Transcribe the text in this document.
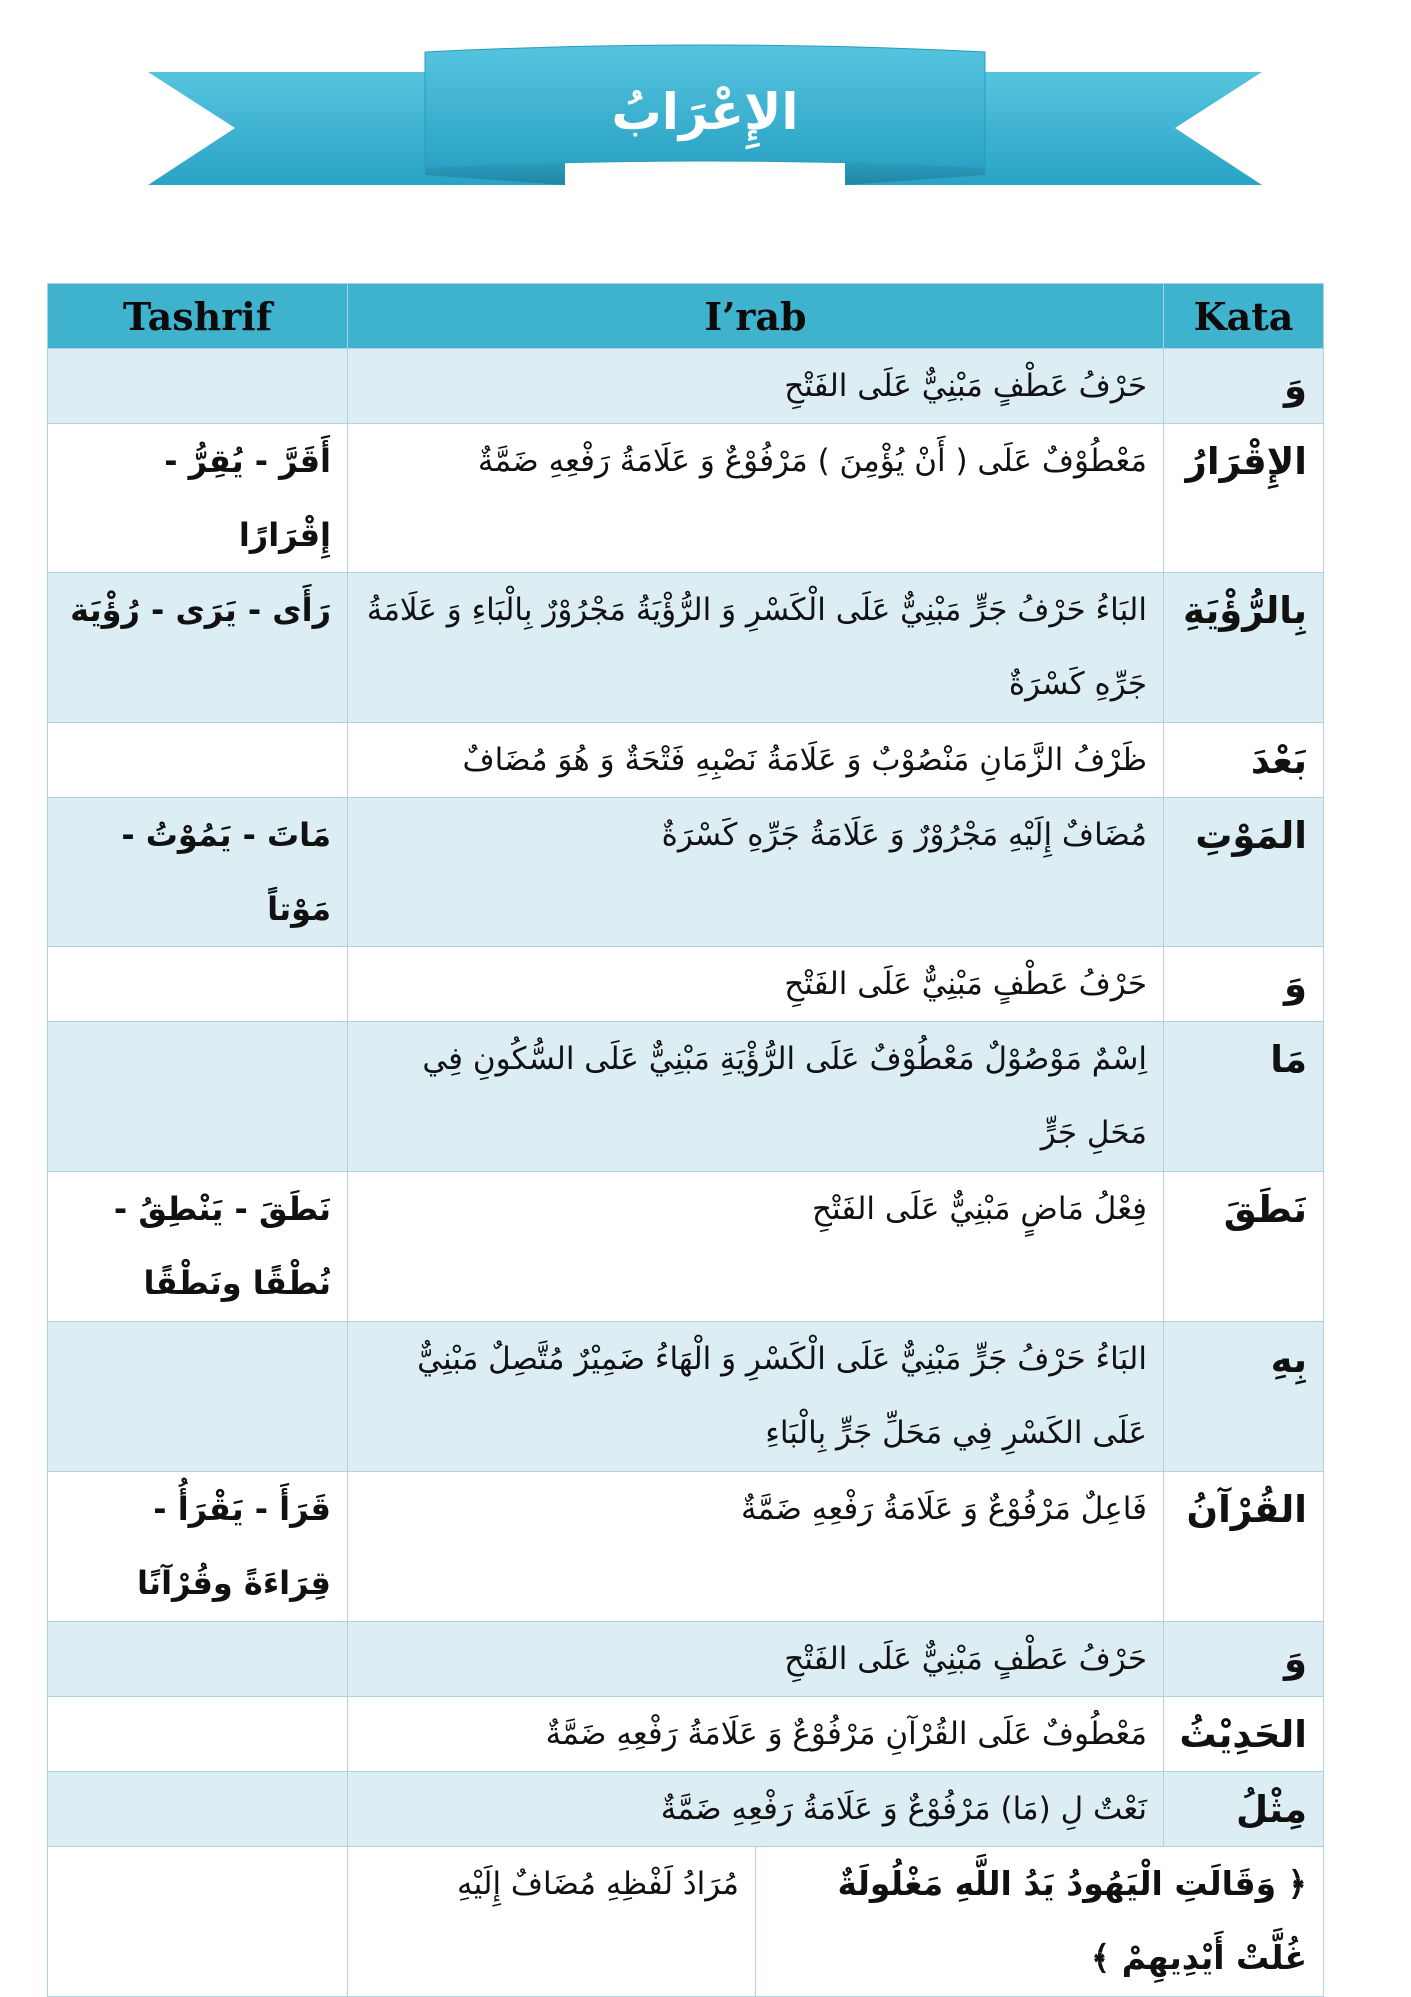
الإِعْرَابُ
Tashrif	I’rab		Kata
	حَرْفُ عَطْفٍ مَبْنِيٌّ عَلَى الفَتْحِ		وَ
أَقَرَّ - يُقِرُّ - إِقْرَارًا	مَعْطُوْفٌ عَلَى ( أَنْ يُؤْمِنَ ) مَرْفُوْعٌ وَ عَلَامَةُ رَفْعِهِ ضَمَّةٌ		الإِقْرَارُ
رَأَى - يَرَى - رُؤْيَة	البَاءُ حَرْفُ جَرٍّ مَبْنِيٌّ عَلَى الْكَسْرِ وَ الرُّؤْيَةُ مَجْرُوْرٌ بِالْبَاءِ وَ عَلَامَةُ جَرِّهِ كَسْرَةٌ		بِالرُّؤْيَةِ
	ظَرْفُ الزَّمَانِ مَنْصُوْبٌ وَ عَلَامَةُ نَصْبِهِ فَتْحَةٌ وَ هُوَ مُضَافٌ		بَعْدَ
مَاتَ - يَمُوْتُ - مَوْتاً	مُضَافٌ إِلَيْهِ مَجْرُوْرٌ وَ عَلَامَةُ جَرِّهِ كَسْرَةٌ		المَوْتِ
	حَرْفُ عَطْفٍ مَبْنِيٌّ عَلَى الفَتْحِ		وَ
	اِسْمٌ مَوْصُوْلٌ مَعْطُوْفٌ عَلَى الرُّؤْيَةِ مَبْنِيٌّ عَلَى السُّكُونِ فِي مَحَلِ جَرٍّ		مَا
نَطَقَ - يَنْطِقُ - نُطْقًا ونَطْقًا	فِعْلُ مَاضٍ مَبْنِيٌّ عَلَى الفَتْحِ		نَطَقَ
	البَاءُ حَرْفُ جَرٍّ مَبْنِيٌّ عَلَى الْكَسْرِ وَ الْهَاءُ ضَمِيْرٌ مُتَّصِلٌ مَبْنِيٌّ عَلَى الكَسْرِ فِي مَحَلِّ جَرٍّ بِالْبَاءِ		بِهِ
قَرَأَ - يَقْرَأُ - قِرَاءَةً وقُرْآنًا	فَاعِلٌ مَرْفُوْعٌ وَ عَلَامَةُ رَفْعِهِ ضَمَّةٌ		القُرْآنُ
	حَرْفُ عَطْفٍ مَبْنِيٌّ عَلَى الفَتْحِ		وَ
	مَعْطُوفٌ عَلَى القُرْآنِ مَرْفُوْعٌ وَ عَلَامَةُ رَفْعِهِ ضَمَّةٌ		الحَدِيْثُ
	نَعْتٌ لِ (مَا) مَرْفُوْعٌ وَ عَلَامَةُ رَفْعِهِ ضَمَّةٌ		مِثْلُ
	مُرَادُ لَفْظِهِ مُضَافٌ إِلَيْهِ	﴿ وَقَالَتِ الْيَهُودُ يَدُ اللَّهِ مَغْلُولَةٌ غُلَّتْ أَيْدِيهِمْ ﴾	
